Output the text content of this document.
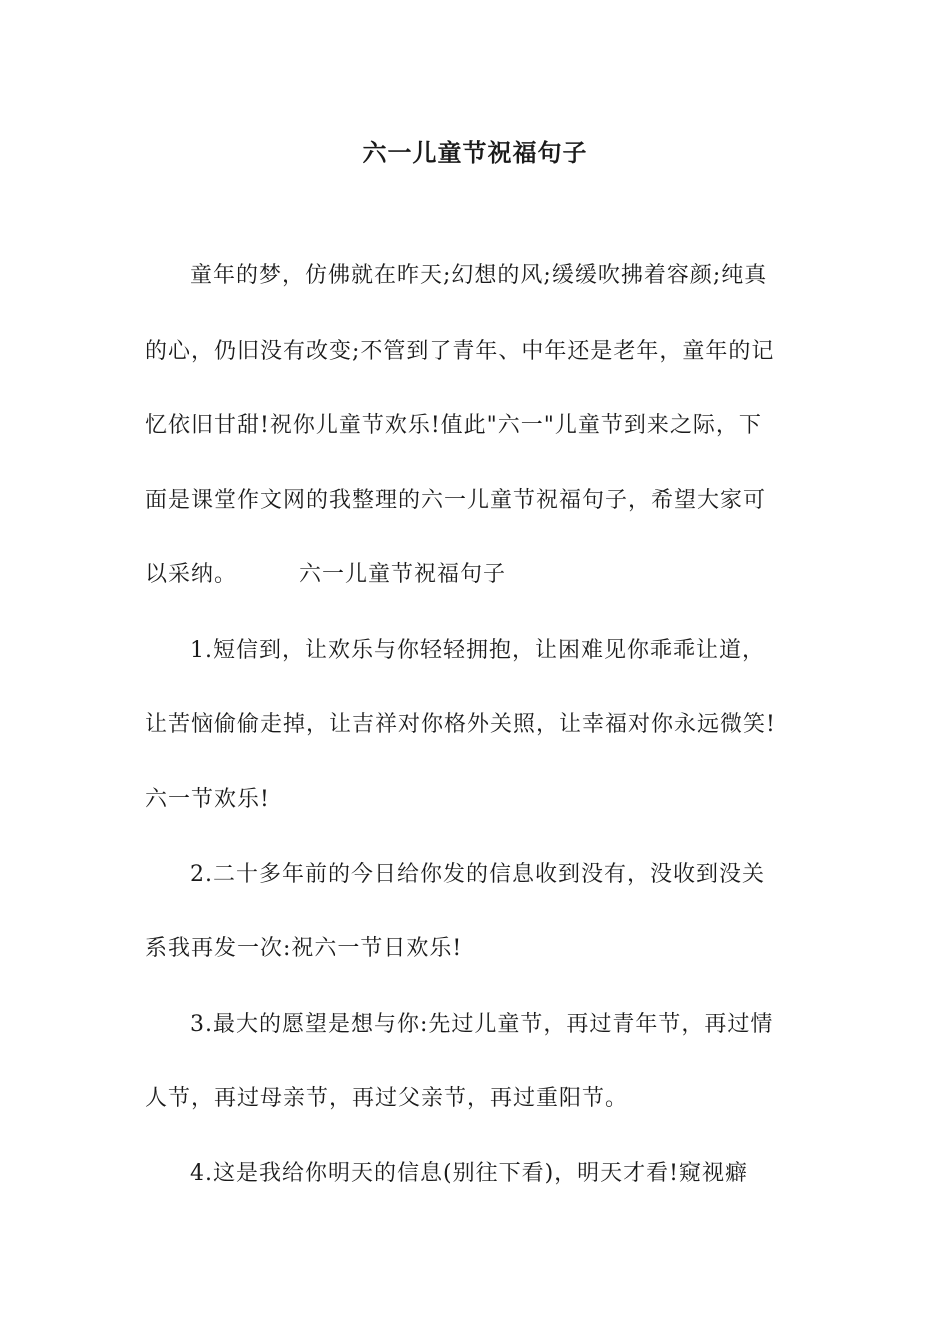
六一儿童节祝福句子
童年的梦，仿佛就在昨天;幻想的风;缓缓吹拂着容颜;纯真
的心，仍旧没有改变;不管到了青年、中年还是老年，童年的记
忆依旧甘甜!祝你儿童节欢乐!值此"六一"儿童节到来之际，下
面是课堂作文网的我整理的六一儿童节祝福句子，希望大家可
以采纳。	六一儿童节祝福句子
1.短信到，让欢乐与你轻轻拥抱，让困难见你乖乖让道，
让苦恼偷偷走掉，让吉祥对你格外关照，让幸福对你永远微笑!
六一节欢乐!
2.二十多年前的今日给你发的信息收到没有，没收到没关
系我再发一次:祝六一节日欢乐!
3.最大的愿望是想与你:先过儿童节，再过青年节，再过情
人节，再过母亲节，再过父亲节，再过重阳节。
4.这是我给你明天的信息(别往下看)，明天才看!窥视癖
